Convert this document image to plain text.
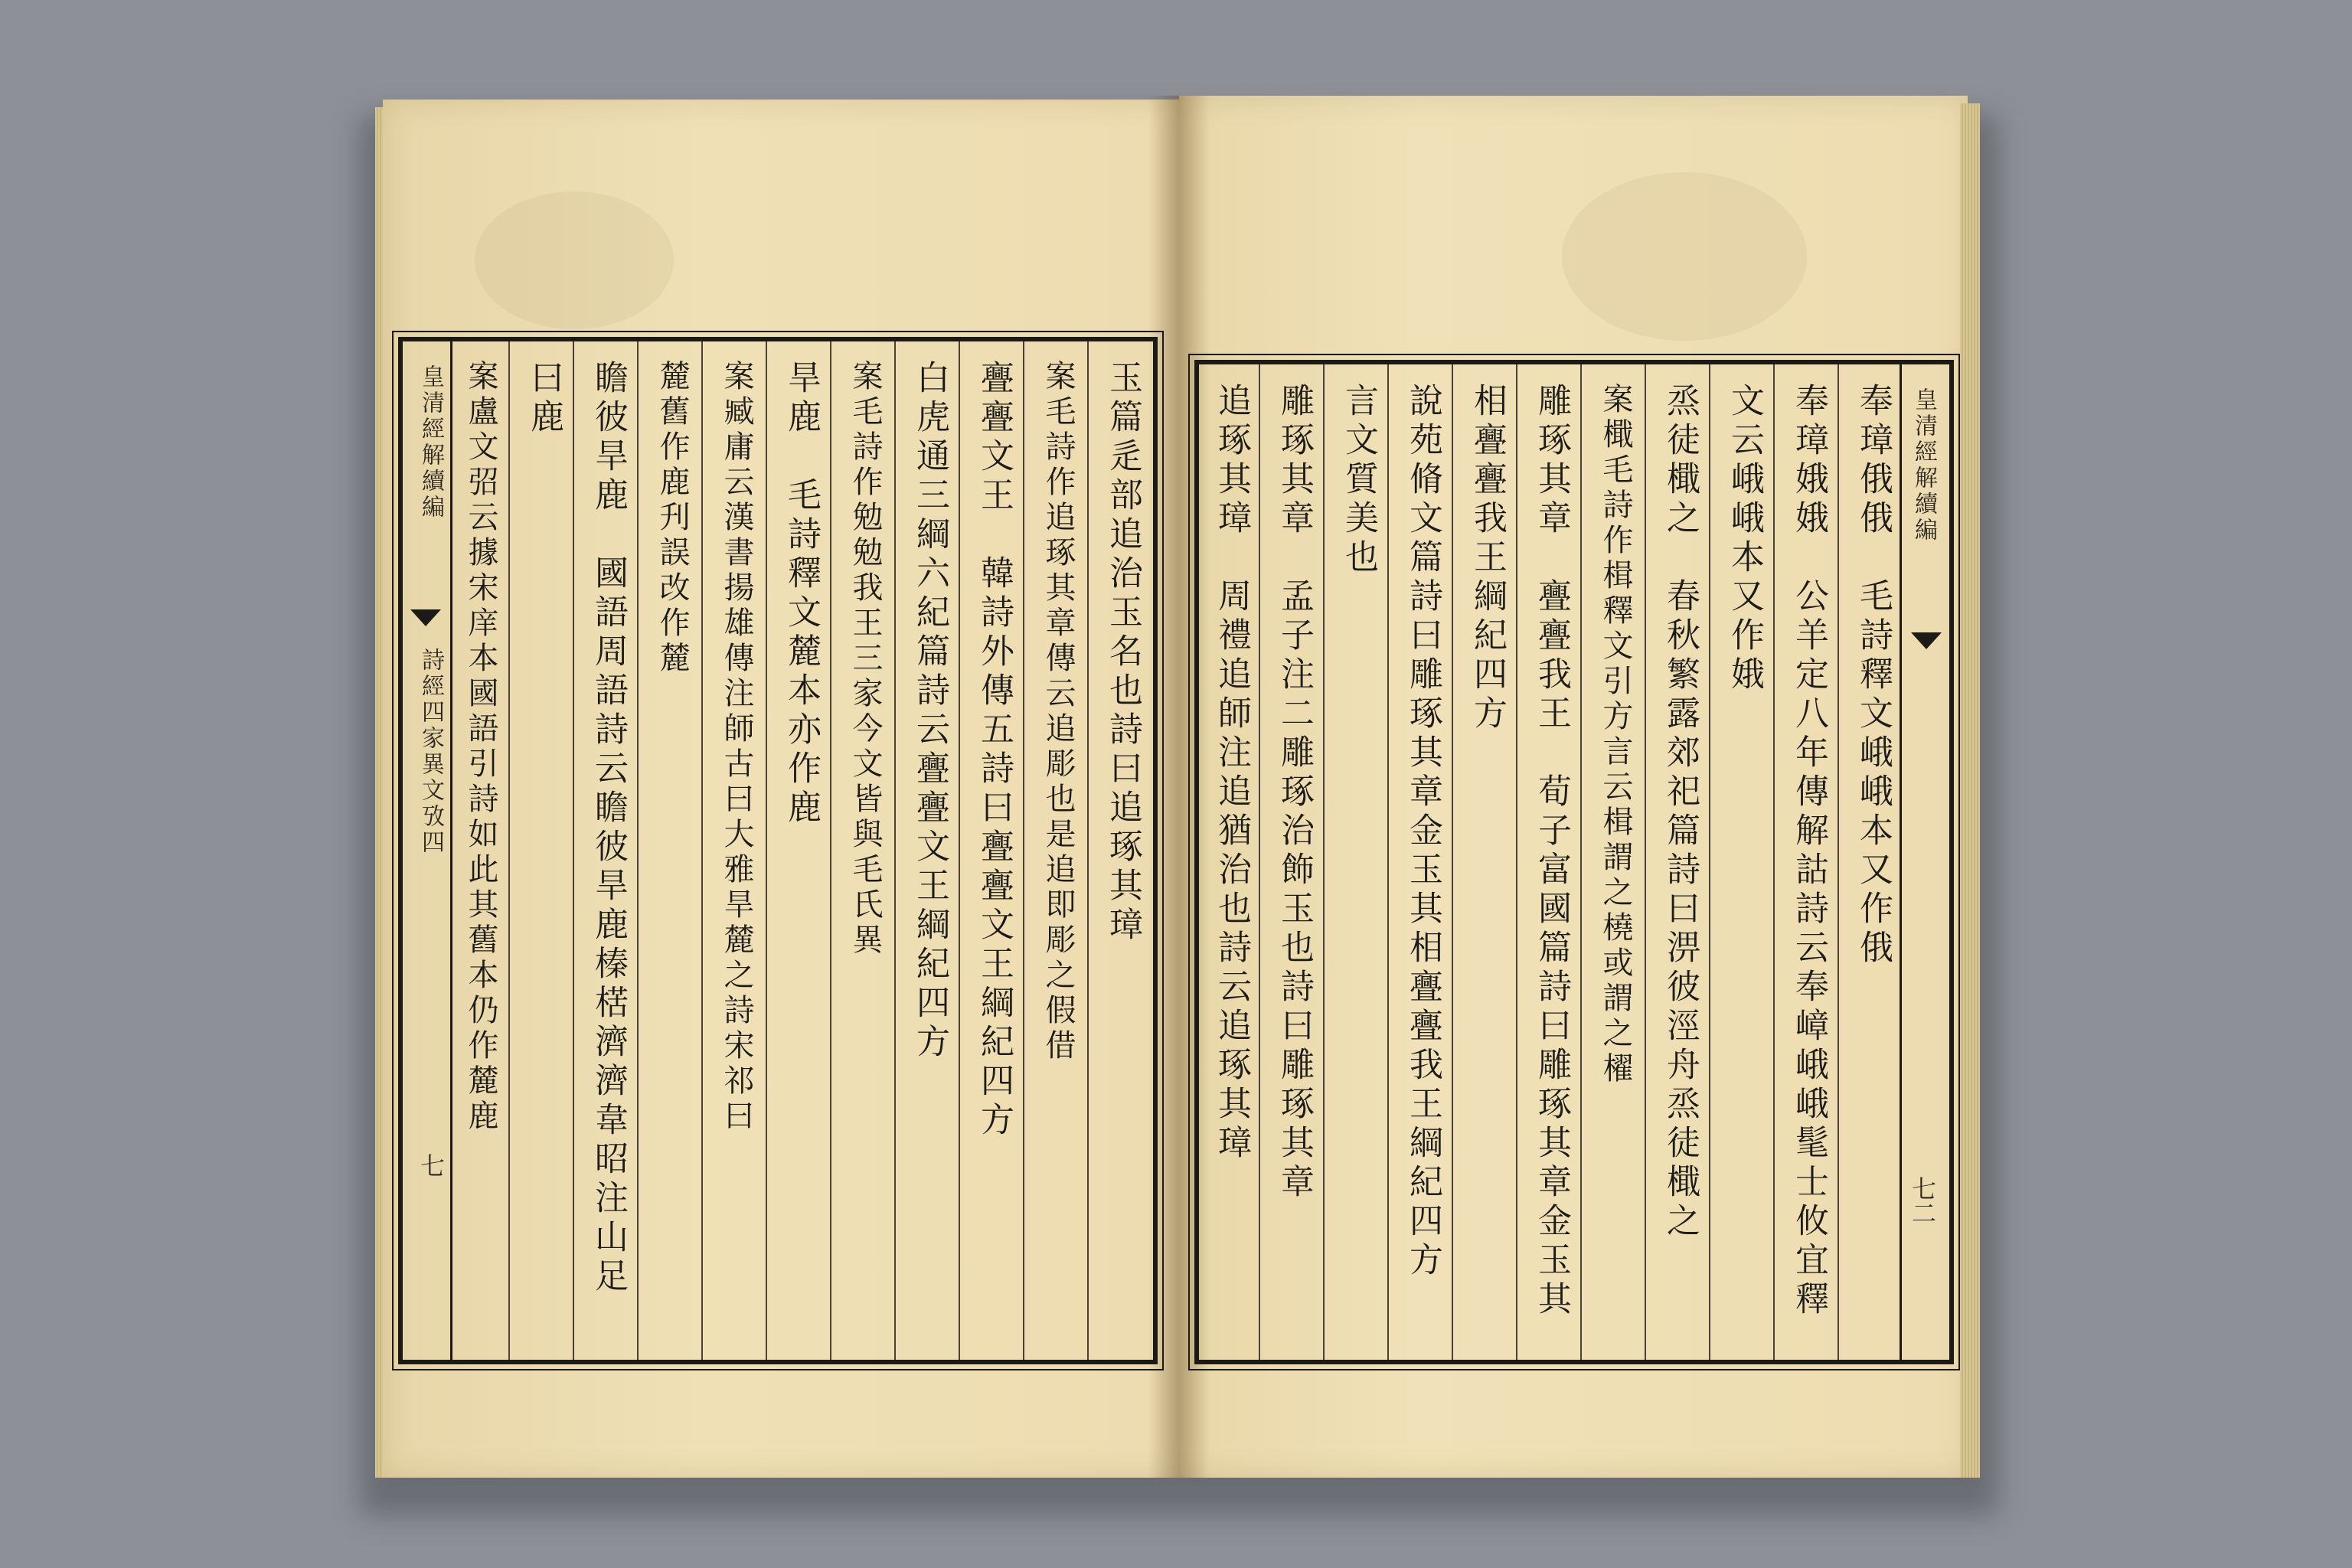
玉篇辵部追治玉名也詩曰追琢其璋
案毛詩作追琢其章傳云追彫也是追即彫之假借
亹亹文王　韓詩外傳五詩曰亹亹文王綱紀四方
白虎通三綱六紀篇詩云亹亹文王綱紀四方
案毛詩作勉勉我王三家今文皆與毛氏異
旱鹿　毛詩釋文麓本亦作鹿
案臧庸云漢書揚雄傳注師古曰大雅旱麓之詩宋祁曰
麓舊作鹿刋誤改作麓
瞻彼旱鹿　國語周語詩云瞻彼旱鹿榛楛濟濟韋昭注山足
曰鹿
案盧文弨云據宋庠本國語引詩如此其舊本仍作麓鹿
皇清經解續編
詩經四家異文攷四
七
皇清經解續編
七二
奉璋俄俄　毛詩釋文峨峨本又作俄
奉璋娥娥　公羊定八年傳解詁詩云奉嶂峨峨髦士攸宜釋
文云峨峨本又作娥
烝徒檝之　春秋繁露郊祀篇詩曰淠彼涇舟烝徒檝之
案檝毛詩作楫釋文引方言云楫謂之橈或謂之櫂
雕琢其章　亹亹我王　荀子富國篇詩曰雕琢其章金玉其
相亹亹我王綱紀四方
說苑脩文篇詩曰雕琢其章金玉其相亹亹我王綱紀四方
言文質美也
雕琢其章　孟子注二雕琢治飾玉也詩曰雕琢其章
追琢其璋　周禮追師注追猶治也詩云追琢其璋
